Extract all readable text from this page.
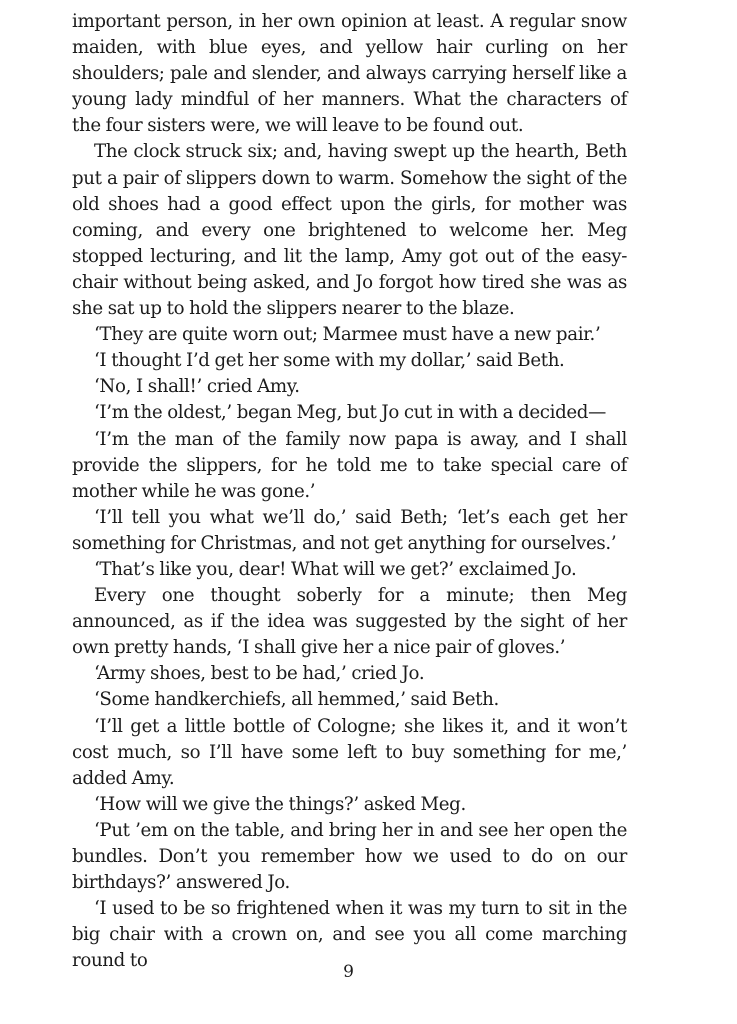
important person, in her own opinion at least. A regular snow maiden, with blue eyes, and yellow hair curling on her shoulders; pale and slender, and always carrying herself like a young lady mindful of her manners. What the characters of the four sisters were, we will leave to be found out.

The clock struck six; and, having swept up the hearth, Beth put a pair of slippers down to warm. Somehow the sight of the old shoes had a good effect upon the girls, for mother was coming, and every one brightened to welcome her. Meg stopped lecturing, and lit the lamp, Amy got out of the easy-chair without being asked, and Jo forgot how tired she was as she sat up to hold the slippers nearer to the blaze.

‘They are quite worn out; Marmee must have a new pair.’

‘I thought I’d get her some with my dollar,’ said Beth.

‘No, I shall!’ cried Amy.

‘I’m the oldest,’ began Meg, but Jo cut in with a decided—

‘I’m the man of the family now papa is away, and I shall provide the slippers, for he told me to take special care of mother while he was gone.’

‘I’ll tell you what we’ll do,’ said Beth; ‘let’s each get her something for Christmas, and not get anything for ourselves.’

‘That’s like you, dear! What will we get?’ exclaimed Jo.

Every one thought soberly for a minute; then Meg announced, as if the idea was suggested by the sight of her own pretty hands, ‘I shall give her a nice pair of gloves.’

‘Army shoes, best to be had,’ cried Jo.

‘Some handkerchiefs, all hemmed,’ said Beth.

‘I’ll get a little bottle of Cologne; she likes it, and it won’t cost much, so I’ll have some left to buy something for me,’ added Amy.

‘How will we give the things?’ asked Meg.

‘Put ’em on the table, and bring her in and see her open the bundles. Don’t you remember how we used to do on our birthdays?’ answered Jo.

‘I used to be so frightened when it was my turn to sit in the big chair with a crown on, and see you all come marching round to

9
